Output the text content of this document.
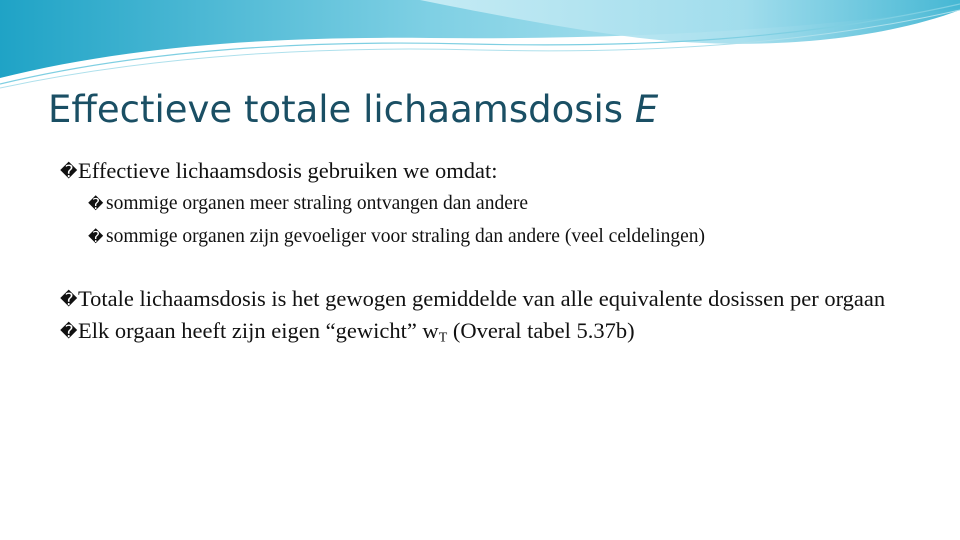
Effectieve totale lichaamsdosis E
� Effectieve lichaamsdosis gebruiken we omdat:
� sommige organen meer straling ontvangen dan andere
� sommige organen zijn gevoeliger voor straling dan andere (veel celdelingen)
� Totale lichaamsdosis is het gewogen gemiddelde van alle equivalente dosissen per orgaan
� Elk orgaan heeft zijn eigen “gewicht” $w_T$ (Overal tabel 5.37b)
